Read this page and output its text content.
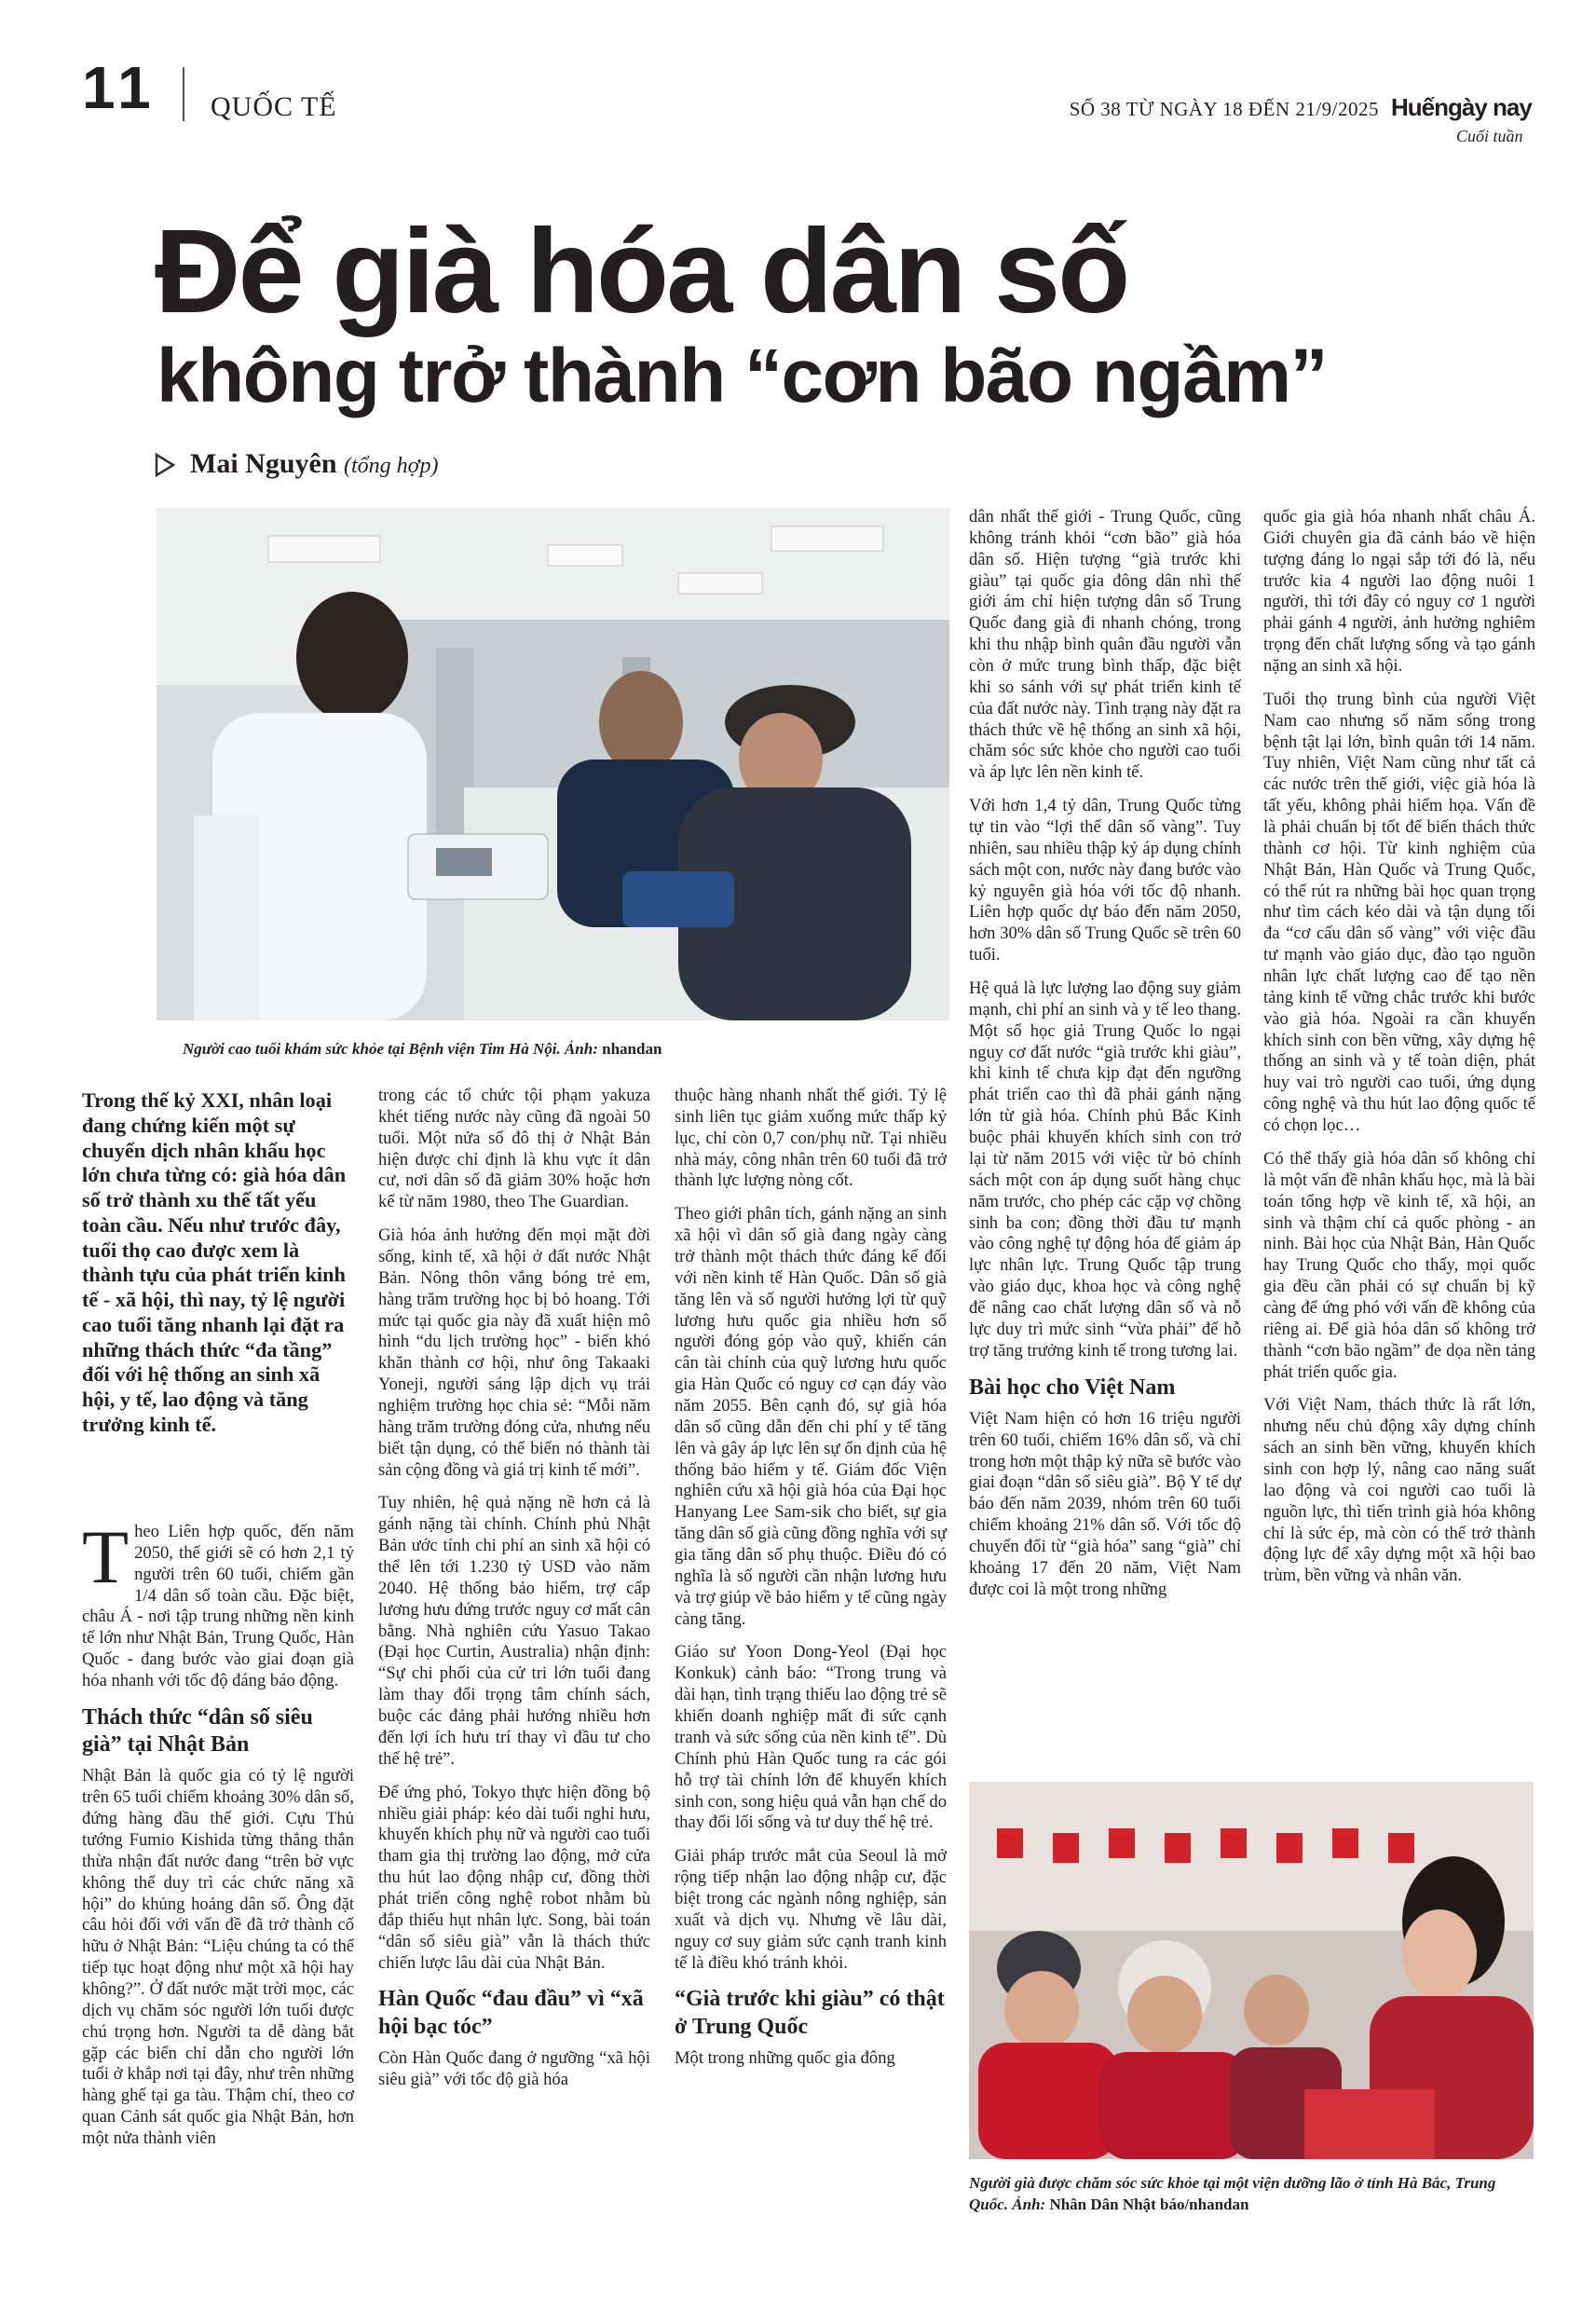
11 QUỐC TẾ	SỐ 38 TỪ NGÀY 18 ĐẾN 21/9/2025 Huếngày nay
Cuối tuần
Để già hóa dân số
không trở thành “cơn bão ngầm”
Mai Nguyên (tổng hợp)
Người cao tuổi khám sức khỏe tại Bệnh viện Tim Hà Nội. Ảnh: nhandan
Trong thế kỷ XXI, nhân loại đang chứng kiến một sự chuyển dịch nhân khẩu học lớn chưa từng có: già hóa dân số trở thành xu thế tất yếu toàn cầu. Nếu như trước đây, tuổi thọ cao được xem là thành tựu của phát triển kinh tế - xã hội, thì nay, tỷ lệ người cao tuổi tăng nhanh lại đặt ra những thách thức “đa tầng” đối với hệ thống an sinh xã hội, y tế, lao động và tăng trưởng kinh tế.

Theo Liên hợp quốc, đến năm 2050, thế giới sẽ có hơn 2,1 tỷ người trên 60 tuổi, chiếm gần 1/4 dân số toàn cầu. Đặc biệt, châu Á - nơi tập trung những nền kinh tế lớn như Nhật Bản, Trung Quốc, Hàn Quốc - đang bước vào giai đoạn già hóa nhanh với tốc độ đáng báo động.

Thách thức “dân số siêu già” tại Nhật Bản

Nhật Bản là quốc gia có tỷ lệ người trên 65 tuổi chiếm khoảng 30% dân số, đứng hàng đầu thế giới. Cựu Thủ tướng Fumio Kishida từng thẳng thắn thừa nhận đất nước đang “trên bờ vực không thể duy trì các chức năng xã hội” do khủng hoảng dân số. Ông đặt câu hỏi đối với vấn đề đã trở thành cố hữu ở Nhật Bản: “Liệu chúng ta có thể tiếp tục hoạt động như một xã hội hay không?”. Ở đất nước mặt trời mọc, các dịch vụ chăm sóc người lớn tuổi được chú trọng hơn. Người ta dễ dàng bắt gặp các biển chỉ dẫn cho người lớn tuổi ở khắp nơi tại đây, như trên những hàng ghế tại ga tàu. Thậm chí, theo cơ quan Cảnh sát quốc gia Nhật Bản, hơn một nửa thành viên

trong các tổ chức tội phạm yakuza khét tiếng nước này cũng đã ngoài 50 tuổi. Một nửa số đô thị ở Nhật Bản hiện được chỉ định là khu vực ít dân cư, nơi dân số đã giảm 30% hoặc hơn kể từ năm 1980, theo The Guardian.

Già hóa ảnh hưởng đến mọi mặt đời sống, kinh tế, xã hội ở đất nước Nhật Bản. Nông thôn vắng bóng trẻ em, hàng trăm trường học bị bỏ hoang. Tới mức tại quốc gia này đã xuất hiện mô hình “du lịch trường học” - biến khó khăn thành cơ hội, như ông Takaaki Yoneji, người sáng lập dịch vụ trải nghiệm trường học chia sẻ: “Mỗi năm hàng trăm trường đóng cửa, nhưng nếu biết tận dụng, có thể biến nó thành tài sản cộng đồng và giá trị kinh tế mới”.

Tuy nhiên, hệ quả nặng nề hơn cả là gánh nặng tài chính. Chính phủ Nhật Bản ước tính chi phí an sinh xã hội có thể lên tới 1.230 tỷ USD vào năm 2040. Hệ thống bảo hiểm, trợ cấp lương hưu đứng trước nguy cơ mất cân bằng. Nhà nghiên cứu Yasuo Takao (Đại học Curtin, Australia) nhận định: “Sự chi phối của cử tri lớn tuổi đang làm thay đổi trọng tâm chính sách, buộc các đảng phải hướng nhiều hơn đến lợi ích hưu trí thay vì đầu tư cho thế hệ trẻ”.

Để ứng phó, Tokyo thực hiện đồng bộ nhiều giải pháp: kéo dài tuổi nghỉ hưu, khuyến khích phụ nữ và người cao tuổi tham gia thị trường lao động, mở cửa thu hút lao động nhập cư, đồng thời phát triển công nghệ robot nhằm bù đắp thiếu hụt nhân lực. Song, bài toán “dân số siêu già” vẫn là thách thức chiến lược lâu dài của Nhật Bản.

Hàn Quốc “đau đầu” vì “xã hội bạc tóc”

Còn Hàn Quốc đang ở ngưỡng “xã hội siêu già” với tốc độ già hóa

thuộc hàng nhanh nhất thế giới. Tỷ lệ sinh liên tục giảm xuống mức thấp kỷ lục, chỉ còn 0,7 con/phụ nữ. Tại nhiều nhà máy, công nhân trên 60 tuổi đã trở thành lực lượng nòng cốt.

Theo giới phân tích, gánh nặng an sinh xã hội vì dân số già đang ngày càng trở thành một thách thức đáng kể đối với nền kinh tế Hàn Quốc. Dân số già tăng lên và số người hưởng lợi từ quỹ lương hưu quốc gia nhiều hơn số người đóng góp vào quỹ, khiến cán cân tài chính của quỹ lương hưu quốc gia Hàn Quốc có nguy cơ cạn đáy vào năm 2055. Bên cạnh đó, sự già hóa dân số cũng dẫn đến chi phí y tế tăng lên và gây áp lực lên sự ổn định của hệ thống bảo hiểm y tế. Giám đốc Viện nghiên cứu xã hội già hóa của Đại học Hanyang Lee Sam-sik cho biết, sự gia tăng dân số già cũng đồng nghĩa với sự gia tăng dân số phụ thuộc. Điều đó có nghĩa là số người cần nhận lương hưu và trợ giúp về bảo hiểm y tế cũng ngày càng tăng.

Giáo sư Yoon Dong-Yeol (Đại học Konkuk) cảnh báo: “Trong trung và dài hạn, tình trạng thiếu lao động trẻ sẽ khiến doanh nghiệp mất đi sức cạnh tranh và sức sống của nền kinh tế”. Dù Chính phủ Hàn Quốc tung ra các gói hỗ trợ tài chính lớn để khuyến khích sinh con, song hiệu quả vẫn hạn chế do thay đổi lối sống và tư duy thế hệ trẻ.

Giải pháp trước mắt của Seoul là mở rộng tiếp nhận lao động nhập cư, đặc biệt trong các ngành nông nghiệp, sản xuất và dịch vụ. Nhưng về lâu dài, nguy cơ suy giảm sức cạnh tranh kinh tế là điều khó tránh khỏi.

“Già trước khi giàu” có thật ở Trung Quốc

Một trong những quốc gia đông

dân nhất thế giới - Trung Quốc, cũng không tránh khỏi “cơn bão” già hóa dân số. Hiện tượng “già trước khi giàu” tại quốc gia đông dân nhì thế giới ám chỉ hiện tượng dân số Trung Quốc đang già đi nhanh chóng, trong khi thu nhập bình quân đầu người vẫn còn ở mức trung bình thấp, đặc biệt khi so sánh với sự phát triển kinh tế của đất nước này. Tình trạng này đặt ra thách thức về hệ thống an sinh xã hội, chăm sóc sức khỏe cho người cao tuổi và áp lực lên nền kinh tế.

Với hơn 1,4 tỷ dân, Trung Quốc từng tự tin vào “lợi thế dân số vàng”. Tuy nhiên, sau nhiều thập kỷ áp dụng chính sách một con, nước này đang bước vào kỷ nguyên già hóa với tốc độ nhanh. Liên hợp quốc dự báo đến năm 2050, hơn 30% dân số Trung Quốc sẽ trên 60 tuổi.

Hệ quả là lực lượng lao động suy giảm mạnh, chi phí an sinh và y tế leo thang. Một số học giả Trung Quốc lo ngại nguy cơ đất nước “già trước khi giàu”, khi kinh tế chưa kịp đạt đến ngưỡng phát triển cao thì đã phải gánh nặng lớn từ già hóa. Chính phủ Bắc Kinh buộc phải khuyến khích sinh con trở lại từ năm 2015 với việc từ bỏ chính sách một con áp dụng suốt hàng chục năm trước, cho phép các cặp vợ chồng sinh ba con; đồng thời đầu tư mạnh vào công nghệ tự động hóa để giảm áp lực nhân lực. Trung Quốc tập trung vào giáo dục, khoa học và công nghệ để nâng cao chất lượng dân số và nỗ lực duy trì mức sinh “vừa phải” để hỗ trợ tăng trưởng kinh tế trong tương lai.

Bài học cho Việt Nam

Việt Nam hiện có hơn 16 triệu người trên 60 tuổi, chiếm 16% dân số, và chỉ trong hơn một thập kỷ nữa sẽ bước vào giai đoạn “dân số siêu già”. Bộ Y tế dự báo đến năm 2039, nhóm trên 60 tuổi chiếm khoảng 21% dân số. Với tốc độ chuyển đổi từ “già hóa” sang “già” chỉ khoảng 17 đến 20 năm, Việt Nam được coi là một trong những

quốc gia già hóa nhanh nhất châu Á. Giới chuyên gia đã cảnh báo về hiện tượng đáng lo ngại sắp tới đó là, nếu trước kia 4 người lao động nuôi 1 người, thì tới đây có nguy cơ 1 người phải gánh 4 người, ảnh hưởng nghiêm trọng đến chất lượng sống và tạo gánh nặng an sinh xã hội.

Tuổi thọ trung bình của người Việt Nam cao nhưng số năm sống trong bệnh tật lại lớn, bình quân tới 14 năm. Tuy nhiên, Việt Nam cũng như tất cả các nước trên thế giới, việc già hóa là tất yếu, không phải hiểm họa. Vấn đề là phải chuẩn bị tốt để biến thách thức thành cơ hội. Từ kinh nghiệm của Nhật Bản, Hàn Quốc và Trung Quốc, có thể rút ra những bài học quan trọng như tìm cách kéo dài và tận dụng tối đa “cơ cấu dân số vàng” với việc đầu tư mạnh vào giáo dục, đào tạo nguồn nhân lực chất lượng cao để tạo nền tảng kinh tế vững chắc trước khi bước vào già hóa. Ngoài ra cần khuyến khích sinh con bền vững, xây dựng hệ thống an sinh và y tế toàn diện, phát huy vai trò người cao tuổi, ứng dụng công nghệ và thu hút lao động quốc tế có chọn lọc…

Có thể thấy già hóa dân số không chỉ là một vấn đề nhân khẩu học, mà là bài toán tổng hợp về kinh tế, xã hội, an sinh và thậm chí cả quốc phòng - an ninh. Bài học của Nhật Bản, Hàn Quốc hay Trung Quốc cho thấy, mọi quốc gia đều cần phải có sự chuẩn bị kỹ càng để ứng phó với vấn đề không của riêng ai. Để già hóa dân số không trở thành “cơn bão ngầm” đe dọa nền tảng phát triển quốc gia.

Với Việt Nam, thách thức là rất lớn, nhưng nếu chủ động xây dựng chính sách an sinh bền vững, khuyến khích sinh con hợp lý, nâng cao năng suất lao động và coi người cao tuổi là nguồn lực, thì tiến trình già hóa không chỉ là sức ép, mà còn có thể trở thành động lực để xây dựng một xã hội bao trùm, bền vững và nhân văn.

Người già được chăm sóc sức khỏe tại một viện dưỡng lão ở tỉnh Hà Bắc, Trung Quốc. Ảnh: Nhân Dân Nhật báo/nhandan
